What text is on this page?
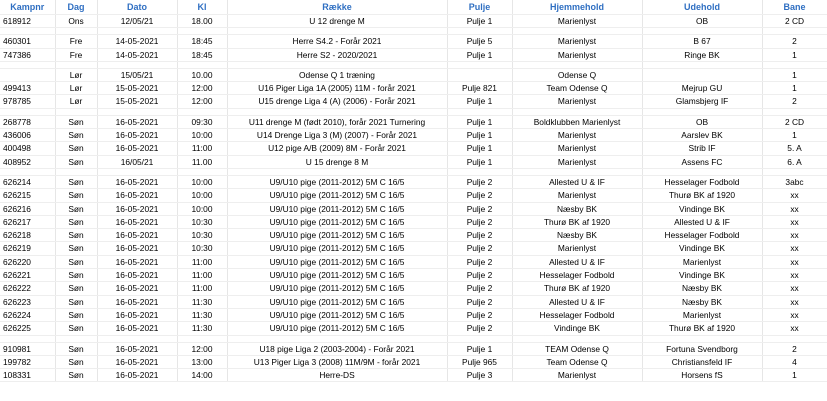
Kampnr	Dag	Dato	Kl	Række	Pulje	Hjemmehold	Udehold	Bane
618912	Ons	12/05/21	18.00	U 12 drenge M	Pulje 1	Marienlyst	OB	2 CD

460301	Fre	14-05-2021	18:45	Herre S4.2 - Forår 2021	Pulje 5	Marienlyst	B 67	2
747386	Fre	14-05-2021	18:45	Herre S2 - 2020/2021	Pulje 1	Marienlyst	Ringe BK	1

	Lør	15/05/21	10.00	Odense Q 1 træning		Odense Q		1
499413	Lør	15-05-2021	12:00	U16 Piger Liga 1A (2005) 11M - forår 2021	Pulje 821	Team Odense Q	Mejrup GU	1
978785	Lør	15-05-2021	12:00	U15 drenge Liga 4 (A) (2006) - Forår 2021	Pulje 1	Marienlyst	Glamsbjerg IF	2

268778	Søn	16-05-2021	09:30	U11 drenge M (født 2010), forår 2021 Turnering	Pulje 1	Boldklubben Marienlyst	OB	2 CD
436006	Søn	16-05-2021	10:00	U14 Drenge Liga 3 (M) (2007) - Forår 2021	Pulje 1	Marienlyst	Aarslev BK	1
400498	Søn	16-05-2021	11:00	U12 pige A/B (2009) 8M - Forår 2021	Pulje 1	Marienlyst	Strib IF	5. A
408952	Søn	16/05/21	11.00	U 15 drenge 8 M	Pulje 1	Marienlyst	Assens FC	6. A

626214	Søn	16-05-2021	10:00	U9/U10 pige (2011-2012) 5M C 16/5	Pulje 2	Allested U & IF	Hesselager Fodbold	3abc
626215	Søn	16-05-2021	10:00	U9/U10 pige (2011-2012) 5M C 16/5	Pulje 2	Marienlyst	Thurø BK af 1920	xx
626216	Søn	16-05-2021	10:00	U9/U10 pige (2011-2012) 5M C 16/5	Pulje 2	Næsby BK	Vindinge BK	xx
626217	Søn	16-05-2021	10:30	U9/U10 pige (2011-2012) 5M C 16/5	Pulje 2	Thurø BK af 1920	Allested U & IF	xx
626218	Søn	16-05-2021	10:30	U9/U10 pige (2011-2012) 5M C 16/5	Pulje 2	Næsby BK	Hesselager Fodbold	xx
626219	Søn	16-05-2021	10:30	U9/U10 pige (2011-2012) 5M C 16/5	Pulje 2	Marienlyst	Vindinge BK	xx
626220	Søn	16-05-2021	11:00	U9/U10 pige (2011-2012) 5M C 16/5	Pulje 2	Allested U & IF	Marienlyst	xx
626221	Søn	16-05-2021	11:00	U9/U10 pige (2011-2012) 5M C 16/5	Pulje 2	Hesselager Fodbold	Vindinge BK	xx
626222	Søn	16-05-2021	11:00	U9/U10 pige (2011-2012) 5M C 16/5	Pulje 2	Thurø BK af 1920	Næsby BK	xx
626223	Søn	16-05-2021	11:30	U9/U10 pige (2011-2012) 5M C 16/5	Pulje 2	Allested U & IF	Næsby BK	xx
626224	Søn	16-05-2021	11:30	U9/U10 pige (2011-2012) 5M C 16/5	Pulje 2	Hesselager Fodbold	Marienlyst	xx
626225	Søn	16-05-2021	11:30	U9/U10 pige (2011-2012) 5M C 16/5	Pulje 2	Vindinge BK	Thurø BK af 1920	xx

910981	Søn	16-05-2021	12:00	U18 pige Liga 2 (2003-2004) - Forår 2021	Pulje 1	TEAM Odense Q	Fortuna Svendborg	2
199782	Søn	16-05-2021	13:00	U13 Piger Liga 3 (2008) 11M/9M - forår 2021	Pulje 965	Team Odense Q	Christiansfeld IF	4
108331	Søn	16-05-2021	14:00	Herre-DS	Pulje 3	Marienlyst	Horsens fS	1
